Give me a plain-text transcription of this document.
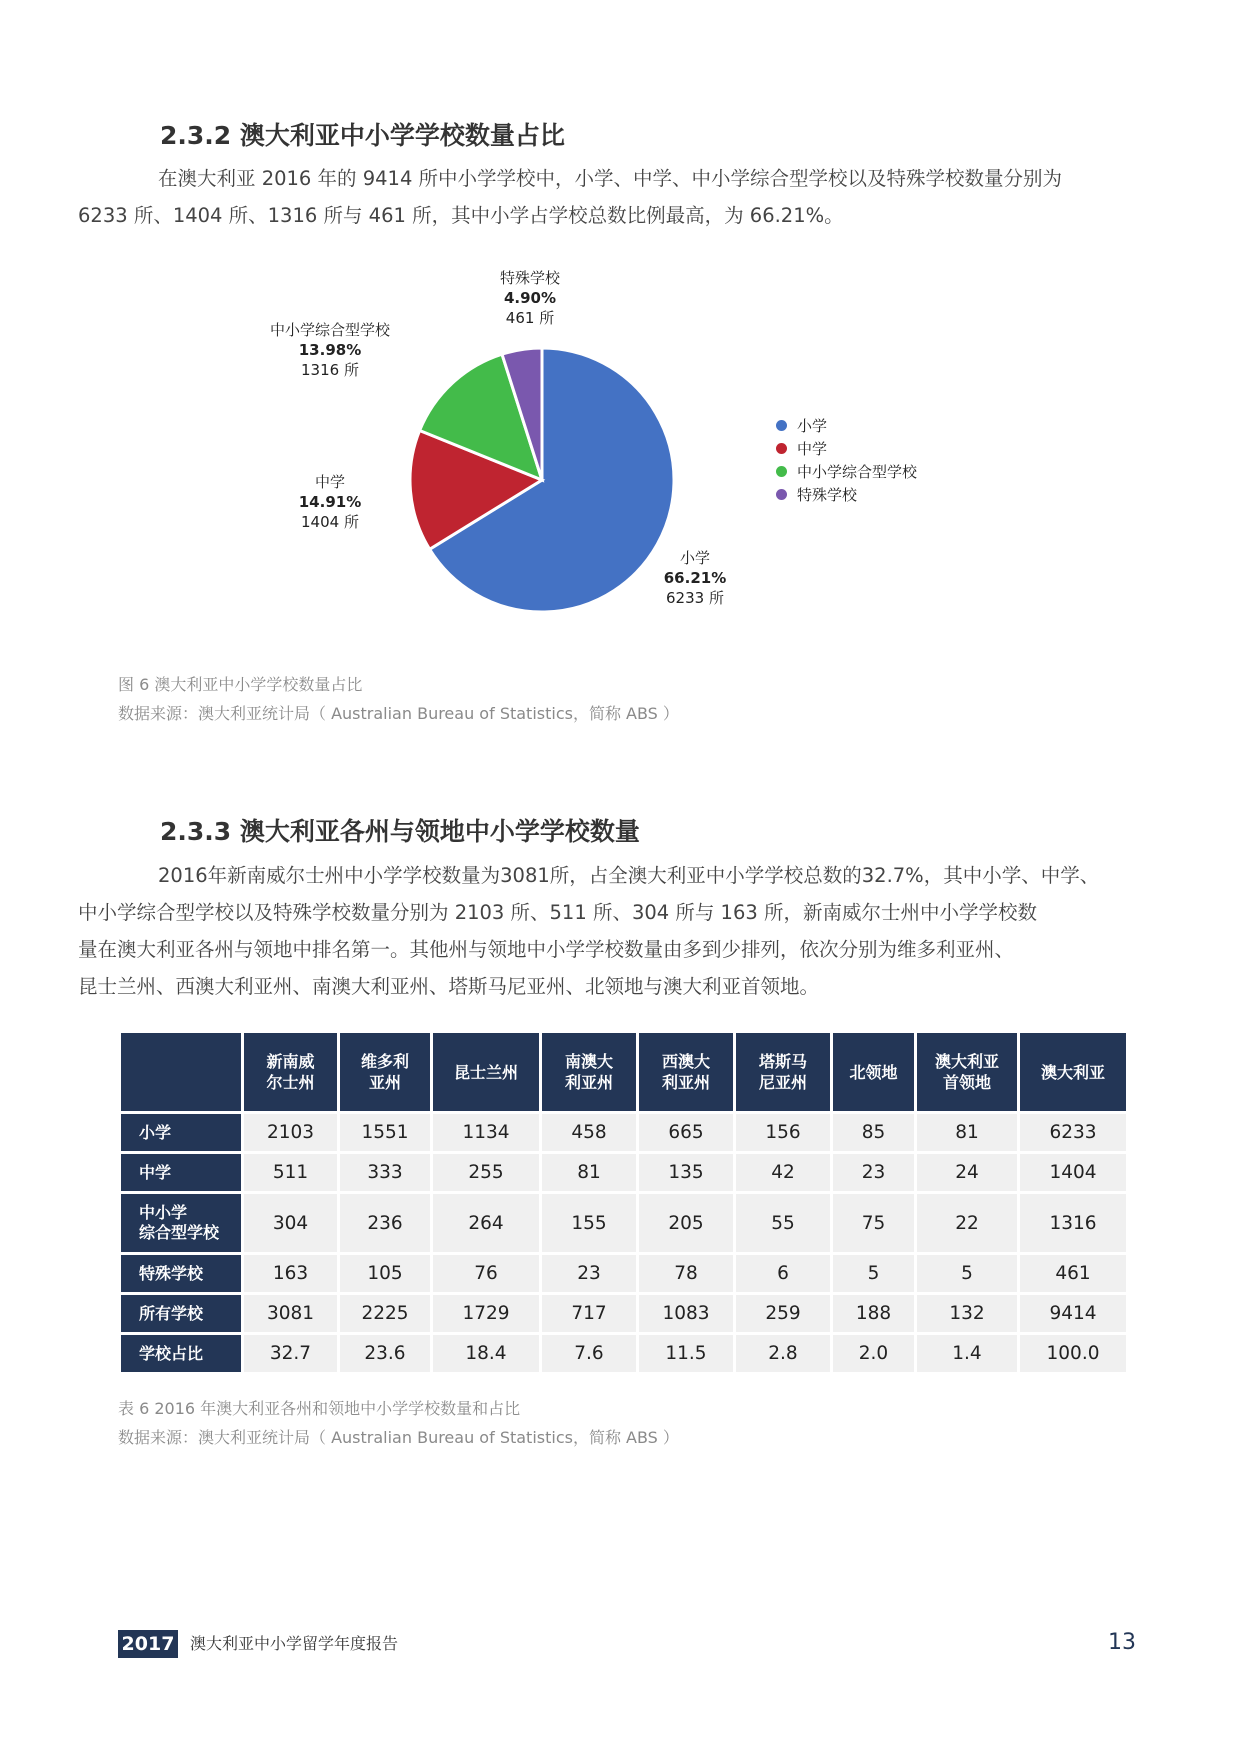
2.3.2 澳大利亚中小学学校数量占比

在澳大利亚 2016 年的 9414 所中小学学校中，小学、中学、中小学综合型学校以及特殊学校数量分别为
6233 所、1404 所、1316 所与 461 所，其中小学占学校总数比例最高，为 66.21%。

小学
66.21%
6233 所
中学
14.91%
1404 所
中小学综合型学校
13.98%
1316 所
特殊学校
4.90%
461 所
小学
中学
中小学综合型学校
特殊学校
图 6 澳大利亚中小学学校数量占比
数据来源：澳大利亚统计局（ Australian Bureau of Statistics，简称 ABS ）
2.3.3 澳大利亚各州与领地中小学学校数量

2016年新南威尔士州中小学学校数量为3081所，占全澳大利亚中小学学校总数的32.7%，其中小学、中学、
中小学综合型学校以及特殊学校数量分别为 2103 所、511 所、304 所与 163 所，新南威尔士州中小学学校数
量在澳大利亚各州与领地中排名第一。其他州与领地中小学学校数量由多到少排列，依次分别为维多利亚州、
昆士兰州、西澳大利亚州、南澳大利亚州、塔斯马尼亚州、北领地与澳大利亚首领地。

	新南威
尔士州	维多利
亚州	昆士兰州	南澳大
利亚州	西澳大
利亚州	塔斯马
尼亚州	北领地	澳大利亚
首领地	澳大利亚
小学	2103	1551	1134	458	665	156	85	81	6233
中学	511	333	255	81	135	42	23	24	1404
中小学
综合型学校	304	236	264	155	205	55	75	22	1316
特殊学校	163	105	76	23	78	6	5	5	461
所有学校	3081	2225	1729	717	1083	259	188	132	9414
学校占比	32.7	23.6	18.4	7.6	11.5	2.8	2.0	1.4	100.0
表 6 2016 年澳大利亚各州和领地中小学学校数量和占比
数据来源：澳大利亚统计局（ Australian Bureau of Statistics，简称 ABS ）
2017 澳大利亚中小学留学年度报告	13
